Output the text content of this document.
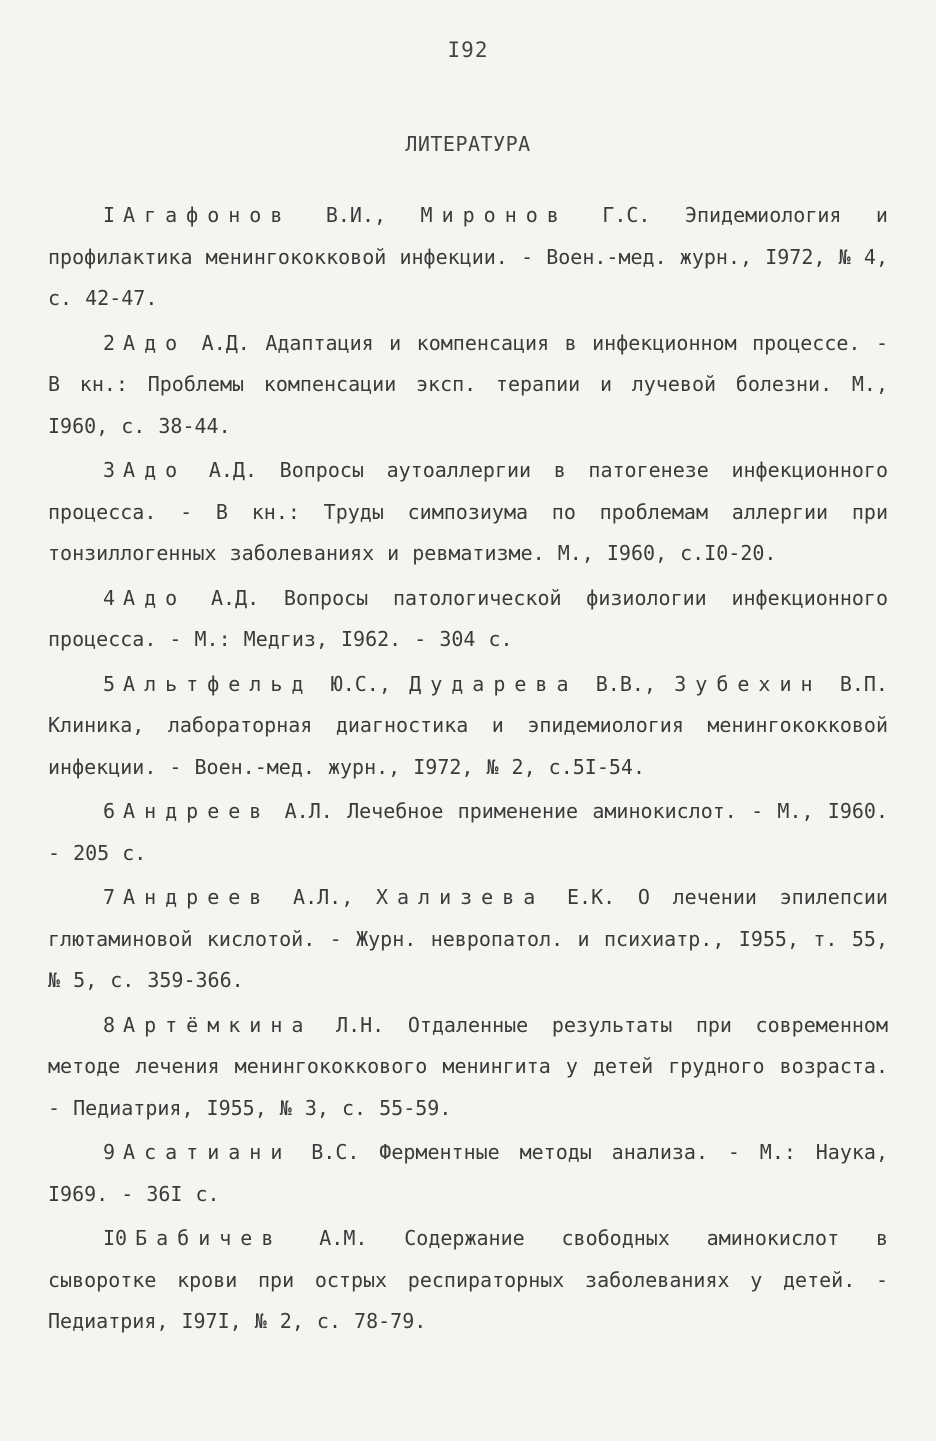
I92
ЛИТЕРАТУРА
I Агафонов В.И., Миронов Г.С. Эпидемиология и профилактика менингококковой инфекции. - Воен.-мед. журн., I972, № 4, с. 42-47.
2 Адо А.Д. Адаптация и компенсация в инфекционном процессе. - В кн.: Проблемы компенсации эксп. терапии и лучевой болезни. М., I960, с. 38-44.
3 Адо А.Д. Вопросы аутоаллергии в патогенезе инфекционного процесса. - В кн.: Труды симпозиума по проблемам аллергии при тонзиллогенных заболеваниях и ревматизме. М., I960, с.I0-20.
4 Адо А.Д. Вопросы патологической физиологии инфекционного процесса. - М.: Медгиз, I962. - 304 с.
5 Альтфельд Ю.С., Дударева В.В., Зубехин В.П. Клиника, лабораторная диагностика и эпидемиология менингококковой инфекции. - Воен.-мед. журн., I972, № 2, с.5I-54.
6 Андреев А.Л. Лечебное применение аминокислот. - М., I960. - 205 с.
7 Андреев А.Л., Хализева Е.К. О лечении эпилепсии глютаминовой кислотой. - Журн. невропатол. и психиатр., I955, т. 55, № 5, с. 359-366.
8 Артёмкина Л.Н. Отдаленные результаты при современном методе лечения менингококкового менингита у детей грудного возраста. - Педиатрия, I955, № 3, с. 55-59.
9 Асатиани В.С. Ферментные методы анализа. - М.: Наука, I969. - 36I с.
I0 Бабичев А.М. Содержание свободных аминокислот в сыворотке крови при острых респираторных заболеваниях у детей. - Педиатрия, I97I, № 2, с. 78-79.
